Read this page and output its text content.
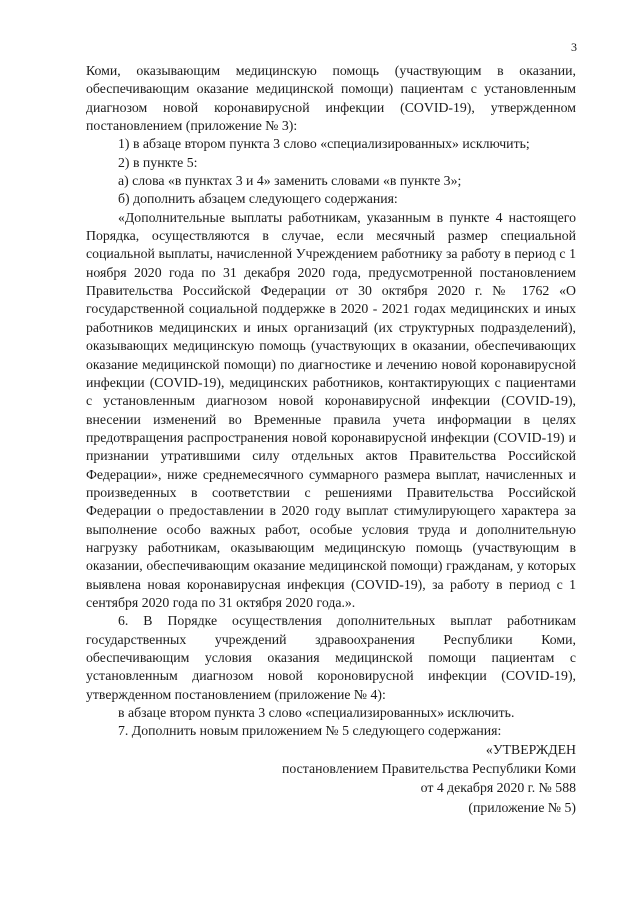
3

Коми, оказывающим медицинскую помощь (участвующим в оказании, обеспечивающим оказание медицинской помощи) пациентам с установленным диагнозом новой коронавирусной инфекции (COVID-19), утвержденном постановлением (приложение № 3):

1) в абзаце втором пункта 3 слово «специализированных» исключить;

2) в пункте 5:

а) слова «в пунктах 3 и 4» заменить словами «в пункте 3»;

б) дополнить абзацем следующего содержания:

«Дополнительные выплаты работникам, указанным в пункте 4 настоящего Порядка, осуществляются в случае, если месячный размер специальной социальной выплаты, начисленной Учреждением работнику за работу в период с 1 ноября 2020 года по 31 декабря 2020 года, предусмотренной постановлением Правительства Российской Федерации от 30 октября 2020 г. № 1762 «О государственной социальной поддержке в 2020 - 2021 годах медицинских и иных работников медицинских и иных организаций (их структурных подразделений), оказывающих медицинскую помощь (участвующих в оказании, обеспечивающих оказание медицинской помощи) по диагностике и лечению новой коронавирусной инфекции (COVID-19), медицинских работников, контактирующих с пациентами с установленным диагнозом новой коронавирусной инфекции (COVID-19), внесении изменений во Временные правила учета информации в целях предотвращения распространения новой коронавирусной инфекции (COVID-19) и признании утратившими силу отдельных актов Правительства Российской Федерации», ниже среднемесячного суммарного размера выплат, начисленных и произведенных в соответствии с решениями Правительства Российской Федерации о предоставлении в 2020 году выплат стимулирующего характера за выполнение особо важных работ, особые условия труда и дополнительную нагрузку работникам, оказывающим медицинскую помощь (участвующим в оказании, обеспечивающим оказание медицинской помощи) гражданам, у которых выявлена новая коронавирусная инфекция (COVID-19), за работу в период с 1 сентября 2020 года по 31 октября 2020 года.».

6. В Порядке осуществления дополнительных выплат работникам государственных учреждений здравоохранения Республики Коми, обеспечивающим условия оказания медицинской помощи пациентам с установленным диагнозом новой короновирусной инфекции (COVID-19), утвержденном постановлением (приложение № 4):

в абзаце втором пункта 3 слово «специализированных» исключить.

7. Дополнить новым приложением № 5 следующего содержания:

«УТВЕРЖДЕН
постановлением Правительства Республики Коми
от 4 декабря 2020 г. № 588
(приложение № 5)
